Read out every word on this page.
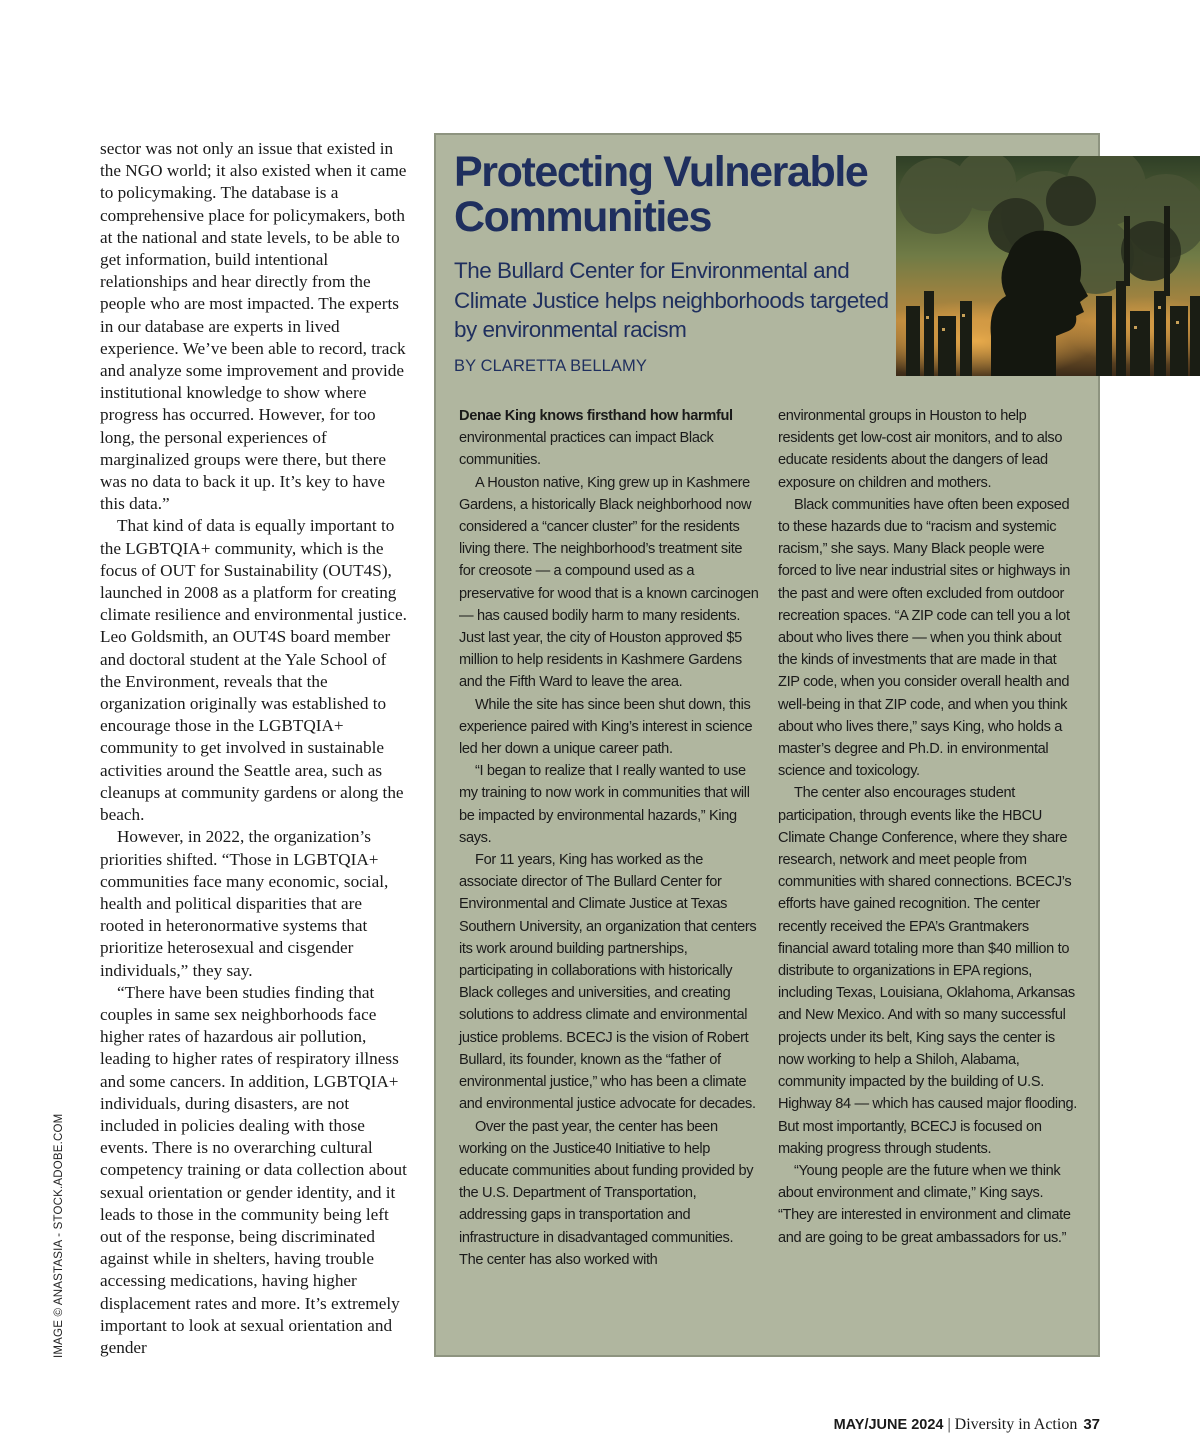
sector was not only an issue that existed in the NGO world; it also existed when it came to policymaking. The database is a comprehensive place for policymakers, both at the national and state levels, to be able to get information, build intentional relationships and hear directly from the people who are most impacted. The experts in our database are experts in lived experience. We’ve been able to record, track and analyze some improvement and provide institutional knowledge to show where progress has occurred. However, for too long, the personal experiences of marginalized groups were there, but there was no data to back it up. It’s key to have this data.”

That kind of data is equally important to the LGBTQIA+ community, which is the focus of OUT for Sustainability (OUT4S), launched in 2008 as a platform for creating climate resilience and environmental justice. Leo Goldsmith, an OUT4S board member and doctoral student at the Yale School of the Environment, reveals that the organization originally was established to encourage those in the LGBTQIA+ community to get involved in sustainable activities around the Seattle area, such as cleanups at community gardens or along the beach.

However, in 2022, the organization’s priorities shifted. “Those in LGBTQIA+ communities face many economic, social, health and political disparities that are rooted in heteronormative systems that prioritize heterosexual and cisgender individuals,” they say.

“There have been studies finding that couples in same sex neighborhoods face higher rates of hazardous air pollution, leading to higher rates of respiratory illness and some cancers. In addition, LGBTQIA+ individuals, during disasters, are not included in policies dealing with those events. There is no overarching cultural competency training or data collection about sexual orientation or gender identity, and it leads to those in the community being left out of the response, being discriminated against while in shelters, having trouble accessing medications, having higher displacement rates and more. It’s extremely important to look at sexual orientation and gender

IMAGE © ANASTASIA - STOCK.ADOBE.COM
Protecting Vulnerable Communities

The Bullard Center for Environmental and Climate Justice helps neighborhoods targeted by environmental racism

BY CLARETTA BELLAMY

Denae King knows firsthand how harmful environmental practices can impact Black communities.

A Houston native, King grew up in Kashmere Gardens, a historically Black neighborhood now considered a “cancer cluster” for the residents living there. The neighborhood’s treatment site for creosote — a compound used as a preservative for wood that is a known carcinogen — has caused bodily harm to many residents. Just last year, the city of Houston approved $5 million to help residents in Kashmere Gardens and the Fifth Ward to leave the area.

While the site has since been shut down, this experience paired with King’s interest in science led her down a unique career path.

“I began to realize that I really wanted to use my training to now work in communities that will be impacted by environmental hazards,” King says.

For 11 years, King has worked as the associate director of The Bullard Center for Environmental and Climate Justice at Texas Southern University, an organization that centers its work around building partnerships, participating in collaborations with historically Black colleges and universities, and creating solutions to address climate and environmental justice problems. BCECJ is the vision of Robert Bullard, its founder, known as the “father of environmental justice,” who has been a climate and environmental justice advocate for decades.

Over the past year, the center has been working on the Justice40 Initiative to help educate communities about funding provided by the U.S. Department of Transportation, addressing gaps in transportation and infrastructure in disadvantaged communities. The center has also worked with

environmental groups in Houston to help residents get low-cost air monitors, and to also educate residents about the dangers of lead exposure on children and mothers.

Black communities have often been exposed to these hazards due to “racism and systemic racism,” she says. Many Black people were forced to live near industrial sites or highways in the past and were often excluded from outdoor recreation spaces. “A ZIP code can tell you a lot about who lives there — when you think about the kinds of investments that are made in that ZIP code, when you consider overall health and well-being in that ZIP code, and when you think about who lives there,” says King, who holds a master’s degree and Ph.D. in environmental science and toxicology.

The center also encourages student participation, through events like the HBCU Climate Change Conference, where they share research, network and meet people from communities with shared connections. BCECJ’s efforts have gained recognition. The center recently received the EPA’s Grantmakers financial award totaling more than $40 million to distribute to organizations in EPA regions, including Texas, Louisiana, Oklahoma, Arkansas and New Mexico. And with so many successful projects under its belt, King says the center is now working to help a Shiloh, Alabama, community impacted by the building of U.S. Highway 84 — which has caused major flooding. But most importantly, BCECJ is focused on making progress through students.

“Young people are the future when we think about environment and climate,” King says. “They are interested in environment and climate and are going to be great ambassadors for us.”

MAY/JUNE 2024 | Diversity in Action 37
